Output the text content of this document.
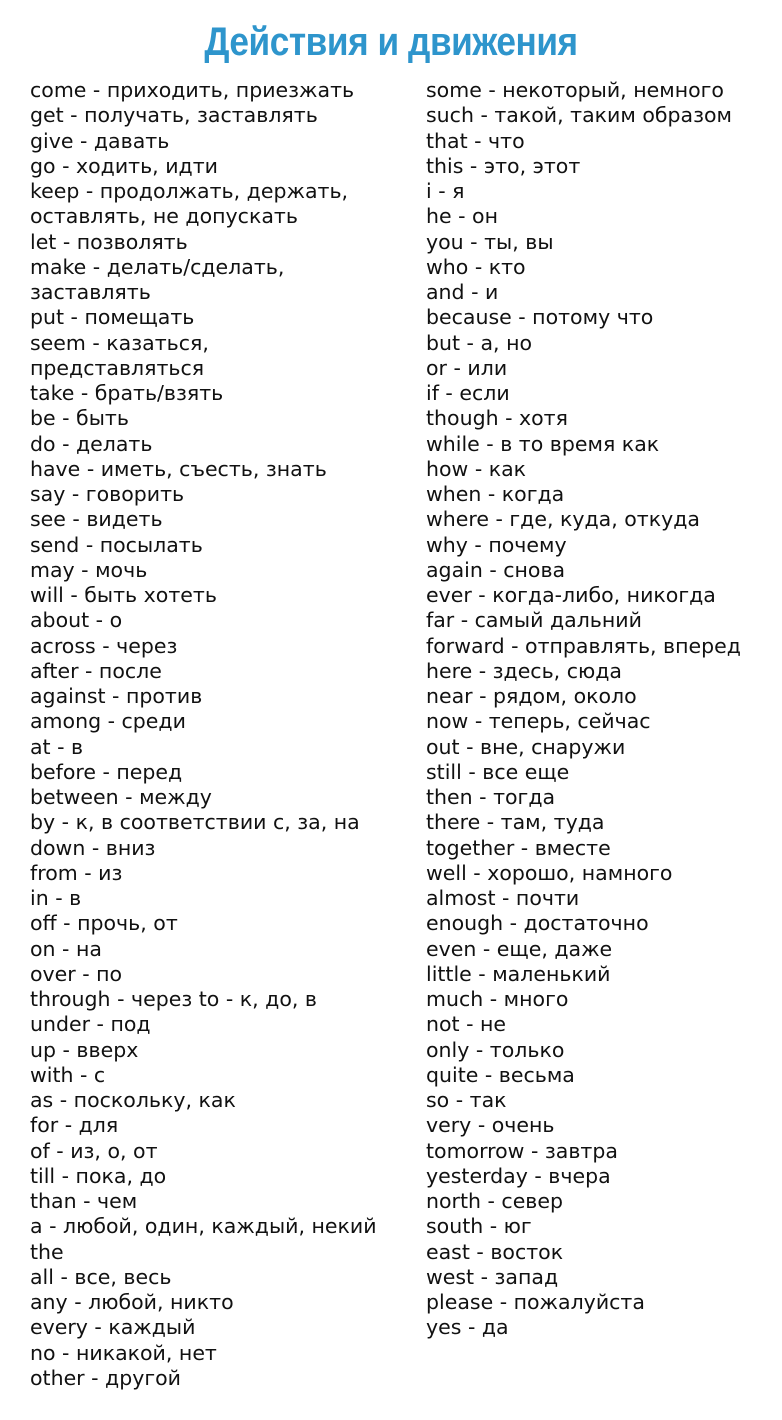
Действия и движения
come - приходить, приезжать
get - получать, заставлять
give - давать
go - ходить, идти
keep - продолжать, держать,
оставлять, не допускать
let - позволять
make - делать/сделать,
заставлять
put - помещать
seem - казаться,
представляться
take - брать/взять
be - быть
do - делать
have - иметь, съесть, знать
say - говорить
see - видеть
send - посылать
may - мочь
will - быть хотеть
about - о
across - через
after - после
against - против
among - среди
at - в
before - перед
between - между
by - к, в соответствии с, за, на
down - вниз
from - из
in - в
off - прочь, от
on - на
over - по
through - через to - к, до, в
under - под
up - вверх
with - с
as - поскольку, как
for - для
of - из, о, от
till - пока, до
than - чем
a - любой, один, каждый, некий
the
all - все, весь
any - любой, никто
every - каждый
no - никакой, нет
other - другой
some - некоторый, немного
such - такой, таким образом
that - что
this - это, этот
i - я
he - он
you - ты, вы
who - кто
and - и
because - потому что
but - а, но
or - или
if - если
though - хотя
while - в то время как
how - как
when - когда
where - где, куда, откуда
why - почему
again - снова
ever - когда-либо, никогда
far - самый дальний
forward - отправлять, вперед
here - здесь, сюда
near - рядом, около
now - теперь, сейчас
out - вне, снаружи
still - все еще
then - тогда
there - там, туда
together - вместе
well - хорошо, намного
almost - почти
enough - достаточно
even - еще, даже
little - маленький
much - много
not - не
only - только
quite - весьма
so - так
very - очень
tomorrow - завтра
yesterday - вчера
north - север
south - юг
east - восток
west - запад
please - пожалуйста
yes - да
